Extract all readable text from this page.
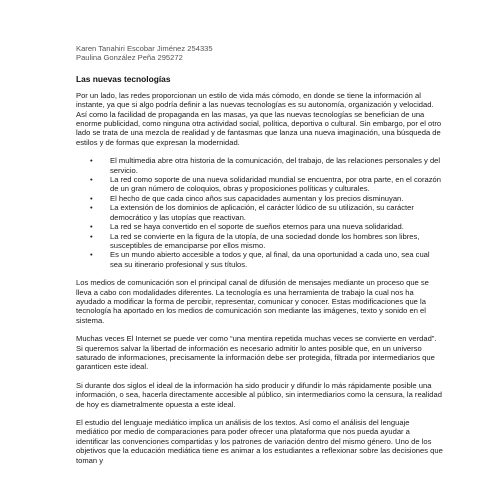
Karen Tanahiri Escobar Jiménez 254335
Paulina González Peña 295272
Las nuevas tecnologías

Por un lado, las redes proporcionan un estilo de vida más cómodo, en donde se tiene la información al instante, ya que si algo podría definir a las nuevas tecnologías es su autonomía, organización y velocidad. Así como la facilidad de propaganda en las masas, ya que las nuevas tecnologías se benefician de una enorme publicidad, como ninguna otra actividad social, política, deportiva o cultural. Sin embargo, por el otro lado se trata de una mezcla de realidad y de fantasmas que lanza una nueva imaginación, una búsqueda de estilos y de formas que expresan la modernidad.

• El multimedia abre otra historia de la comunicación, del trabajo, de las relaciones personales y del servicio.
• La red como soporte de una nueva solidaridad mundial se encuentra, por otra parte, en el corazón de un gran número de coloquios, obras y proposiciones políticas y culturales.
• El hecho de que cada cinco años sus capacidades aumentan y los precios disminuyan.
• La extensión de los dominios de aplicación, el carácter lúdico de su utilización, su carácter democrático y las utopías que reactivan.
• La red se haya convertido en el soporte de sueños eternos para una nueva solidaridad.
• La red se convierte en la figura de la utopía, de una sociedad donde los hombres son libres, susceptibles de emanciparse por ellos mismo.
• Es un mundo abierto accesible a todos y que, al final, da una oportunidad a cada uno, sea cual sea su itinerario profesional y sus títulos.

Los medios de comunicación son el principal canal de difusión de mensajes mediante un proceso que se lleva a cabo con modalidades diferentes. La tecnología es una herramienta de trabajo la cual nos ha ayudado a modificar la forma de percibir, representar, comunicar y conocer. Estas modificaciones que la tecnología ha aportado en los medios de comunicación son mediante las imágenes, texto y sonido en el sistema.

Muchas veces El Internet se puede ver como “una mentira repetida muchas veces se convierte en verdad”. Si queremos salvar la libertad de información es necesario admitir lo antes posible que, en un universo saturado de informaciones, precisamente la información debe ser protegida, filtrada por intermediarios que garanticen este ideal.

Si durante dos siglos el ideal de la información ha sido producir y difundir lo más rápidamente posible una información, o sea, hacerla directamente accesible al público, sin intermediarios como la censura, la realidad de hoy es diametralmente opuesta a este ideal.

El estudio del lenguaje mediático implica un análisis de los textos. Así como el análisis del lenguaje mediático por medio de comparaciones para poder ofrecer una plataforma que nos pueda ayudar a identificar las convenciones compartidas y los patrones de variación dentro del mismo género. Uno de los objetivos que la educación mediática tiene es animar a los estudiantes a reflexionar sobre las decisiones que toman y
